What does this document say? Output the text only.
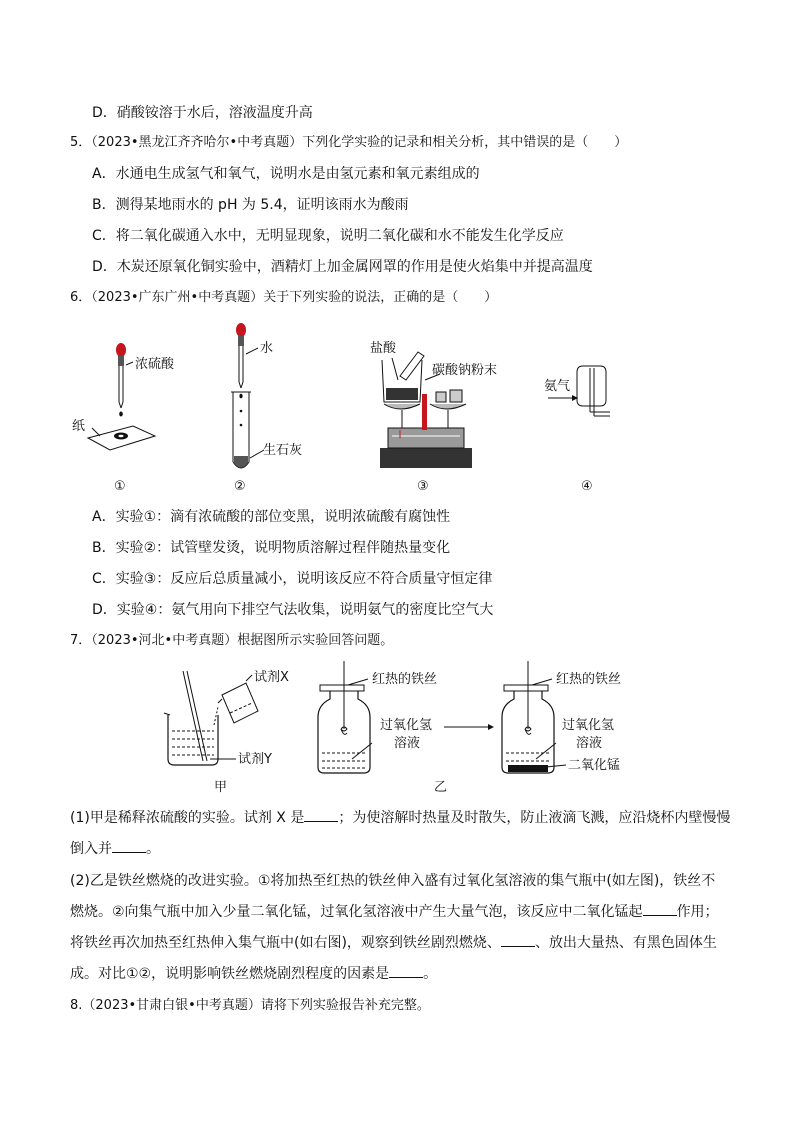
D．硝酸铵溶于水后，溶液温度升高
5．（2023•黑龙江齐齐哈尔•中考真题）下列化学实验的记录和相关分析，其中错误的是（　　）
A．水通电生成氢气和氧气，说明水是由氢元素和氧元素组成的
B．测得某地雨水的 pH 为 5.4，证明该雨水为酸雨
C．将二氧化碳通入水中，无明显现象，说明二氧化碳和水不能发生化学反应
D．木炭还原氧化铜实验中，酒精灯上加金属网罩的作用是使火焰集中并提高温度
6．（2023•广东广州•中考真题）关于下列实验的说法，正确的是（　　）
浓硫酸
纸
水
生石灰
盐酸
碳酸钠粉末
氨气
①	②	③	④
A．实验①：滴有浓硫酸的部位变黑，说明浓硫酸有腐蚀性
B．实验②：试管壁发烫，说明物质溶解过程伴随热量变化
C．实验③：反应后总质量减小，说明该反应不符合质量守恒定律
D．实验④：氨气用向下排空气法收集，说明氨气的密度比空气大
7．（2023•河北•中考真题）根据图所示实验回答问题。
试剂X
试剂Y
甲
红热的铁丝
过氧化氢
溶液
红热的铁丝
过氧化氢
溶液
二氧化锰
乙
(1)甲是稀释浓硫酸的实验。试剂 X 是 ；为使溶解时热量及时散失，防止液滴飞溅，应沿烧杯内壁慢慢
倒入并 。
(2)乙是铁丝燃烧的改进实验。①将加热至红热的铁丝伸入盛有过氧化氢溶液的集气瓶中(如左图)，铁丝不
燃烧。②向集气瓶中加入少量二氧化锰，过氧化氢溶液中产生大量气泡，该反应中二氧化锰起 作用；
将铁丝再次加热至红热伸入集气瓶中(如右图)，观察到铁丝剧烈燃烧、 、放出大量热、有黑色固体生
成。对比①②，说明影响铁丝燃烧剧烈程度的因素是 。
8.（2023•甘肃白银•中考真题）请将下列实验报告补充完整。
